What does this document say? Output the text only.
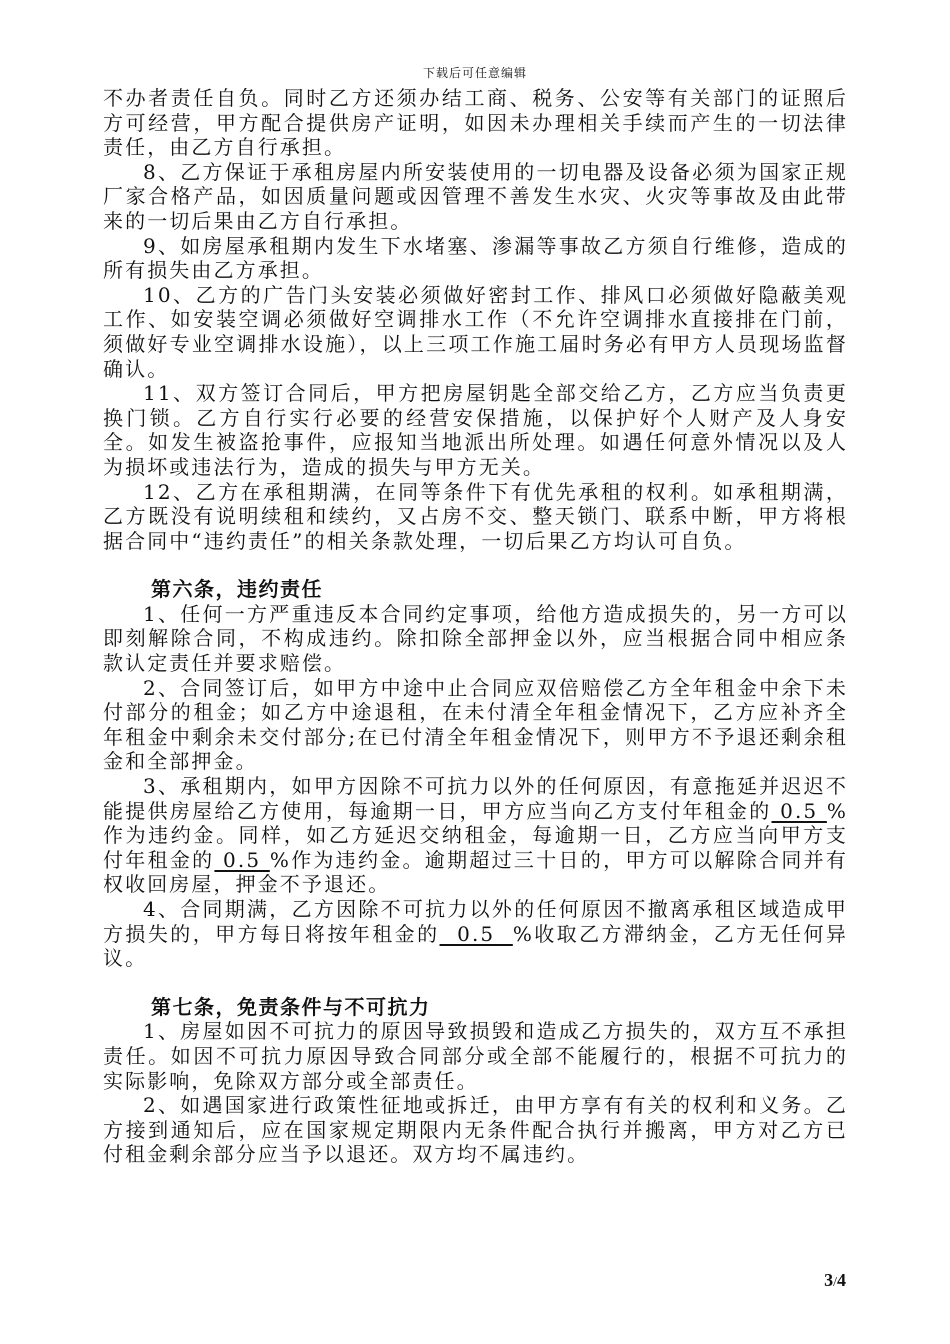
下载后可任意编辑

不办者责任自负。同时乙方还须办结工商、税务、公安等有关部门的证照后方可经营，甲方配合提供房产证明，如因未办理相关手续而产生的一切法律责任，由乙方自行承担。

8、乙方保证于承租房屋内所安装使用的一切电器及设备必须为国家正规厂家合格产品，如因质量问题或因管理不善发生水灾、火灾等事故及由此带来的一切后果由乙方自行承担。

9、如房屋承租期内发生下水堵塞、渗漏等事故乙方须自行维修，造成的所有损失由乙方承担。

10、乙方的广告门头安装必须做好密封工作、排风口必须做好隐蔽美观工作、如安装空调必须做好空调排水工作（不允许空调排水直接排在门前，须做好专业空调排水设施），以上三项工作施工届时务必有甲方人员现场监督确认。

11、双方签订合同后，甲方把房屋钥匙全部交给乙方，乙方应当负责更换门锁。乙方自行实行必要的经营安保措施，以保护好个人财产及人身安全。如发生被盗抢事件，应报知当地派出所处理。如遇任何意外情况以及人为损坏或违法行为，造成的损失与甲方无关。

12、乙方在承租期满，在同等条件下有优先承租的权利。如承租期满，乙方既没有说明续租和续约，又占房不交、整天锁门、联系中断，甲方将根据合同中“违约责任”的相关条款处理，一切后果乙方均认可自负。

第六条，违约责任

1、任何一方严重违反本合同约定事项，给他方造成损失的，另一方可以即刻解除合同，不构成违约。除扣除全部押金以外，应当根据合同中相应条款认定责任并要求赔偿。

2、合同签订后，如甲方中途中止合同应双倍赔偿乙方全年租金中余下未付部分的租金；如乙方中途退租，在未付清全年租金情况下，乙方应补齐全年租金中剩余未交付部分;在已付清全年租金情况下，则甲方不予退还剩余租金和全部押金。

3、承租期内，如甲方因除不可抗力以外的任何原因，有意拖延并迟迟不能提供房屋给乙方使用，每逾期一日，甲方应当向乙方支付年租金的 0.5 %作为违约金。同样，如乙方延迟交纳租金，每逾期一日，乙方应当向甲方支付年租金的 0.5 %作为违约金。逾期超过三十日的，甲方可以解除合同并有权收回房屋，押金不予退还。

4、合同期满，乙方因除不可抗力以外的任何原因不撤离承租区域造成甲方损失的，甲方每日将按年租金的  0.5  %收取乙方滞纳金，乙方无任何异议。

第七条，免责条件与不可抗力

1、房屋如因不可抗力的原因导致损毁和造成乙方损失的，双方互不承担责任。如因不可抗力原因导致合同部分或全部不能履行的，根据不可抗力的实际影响，免除双方部分或全部责任。

2、如遇国家进行政策性征地或拆迁，由甲方享有有关的权利和义务。乙方接到通知后，应在国家规定期限内无条件配合执行并搬离，甲方对乙方已付租金剩余部分应当予以退还。双方均不属违约。

3/4
